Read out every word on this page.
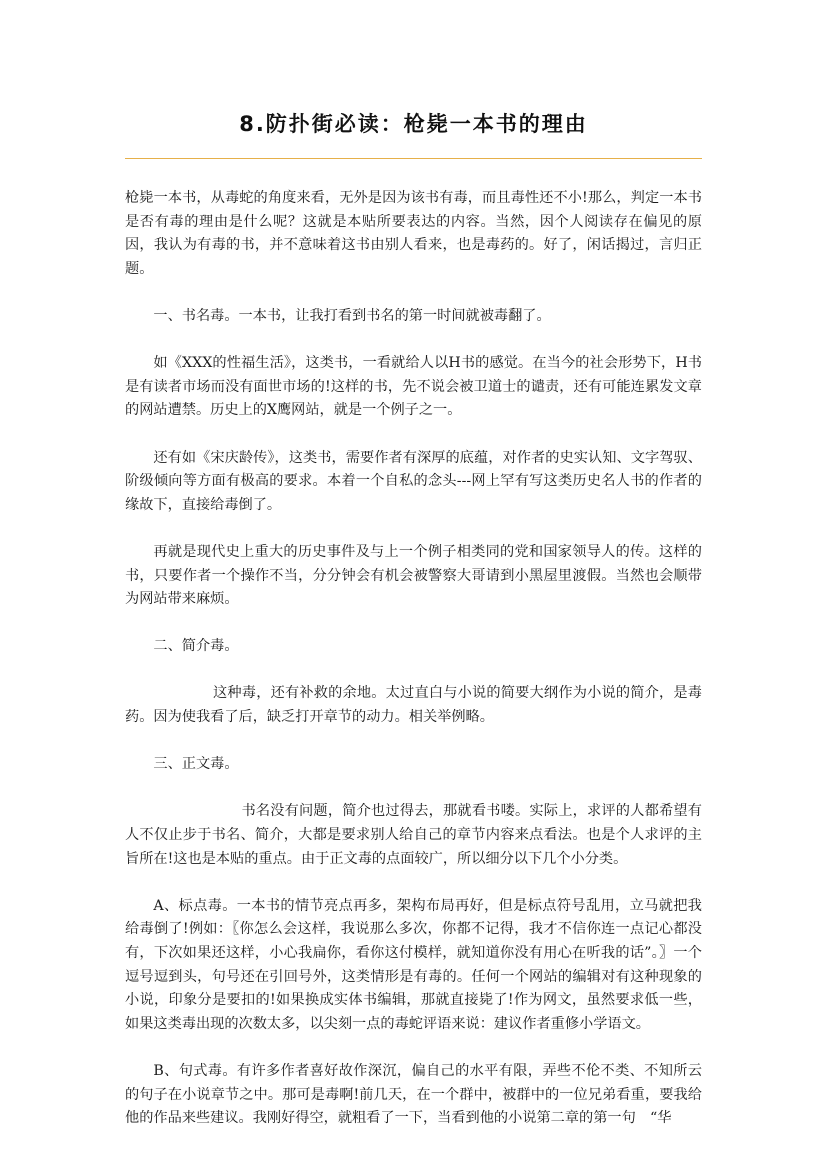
8.防扑街必读：枪毙一本书的理由

枪毙一本书，从毒蛇的角度来看，无外是因为该书有毒，而且毒性还不小!那么，判定一本书是否有毒的理由是什么呢？这就是本贴所要表达的内容。当然，因个人阅读存在偏见的原因，我认为有毒的书，并不意味着这书由别人看来，也是毒药的。好了，闲话揭过，言归正题。

一、书名毒。一本书，让我打看到书名的第一时间就被毒翻了。

如《XXX的性福生活》，这类书，一看就给人以H书的感觉。在当今的社会形势下，H书是有读者市场而没有面世市场的!这样的书，先不说会被卫道士的谴责，还有可能连累发文章的网站遭禁。历史上的X鹰网站，就是一个例子之一。

还有如《宋庆龄传》，这类书，需要作者有深厚的底蕴，对作者的史实认知、文字驾驭、阶级倾向等方面有极高的要求。本着一个自私的念头---网上罕有写这类历史名人书的作者的缘故下，直接给毒倒了。

再就是现代史上重大的历史事件及与上一个例子相类同的党和国家领导人的传。这样的书，只要作者一个操作不当，分分钟会有机会被警察大哥请到小黑屋里渡假。当然也会顺带为网站带来麻烦。

二、简介毒。

这种毒，还有补救的余地。太过直白与小说的简要大纲作为小说的简介，是毒药。因为使我看了后，缺乏打开章节的动力。相关举例略。

三、正文毒。

书名没有问题，简介也过得去，那就看书喽。实际上，求评的人都希望有人不仅止步于书名、简介，大都是要求别人给自己的章节内容来点看法。也是个人求评的主旨所在!这也是本贴的重点。由于正文毒的点面较广，所以细分以下几个小分类。

A、标点毒。一本书的情节亮点再多，架构布局再好，但是标点符号乱用，立马就把我给毒倒了!例如：〖你怎么会这样，我说那么多次，你都不记得，我才不信你连一点记心都没有，下次如果还这样，小心我扁你，看你这付模样，就知道你没有用心在听我的话”。〗一个逗号逗到头，句号还在引回号外，这类情形是有毒的。任何一个网站的编辑对有这种现象的小说，印象分是要扣的!如果换成实体书编辑，那就直接毙了!作为网文，虽然要求低一些，如果这类毒出现的次数太多，以尖刻一点的毒蛇评语来说：建议作者重修小学语文。

B、句式毒。有许多作者喜好故作深沉，偏自己的水平有限，弄些不伦不类、不知所云的句子在小说章节之中。那可是毒啊!前几天，在一个群中，被群中的一位兄弟看重，要我给他的作品来些建议。我刚好得空，就粗看了一下，当看到他的小说第二章的第一句　“华
